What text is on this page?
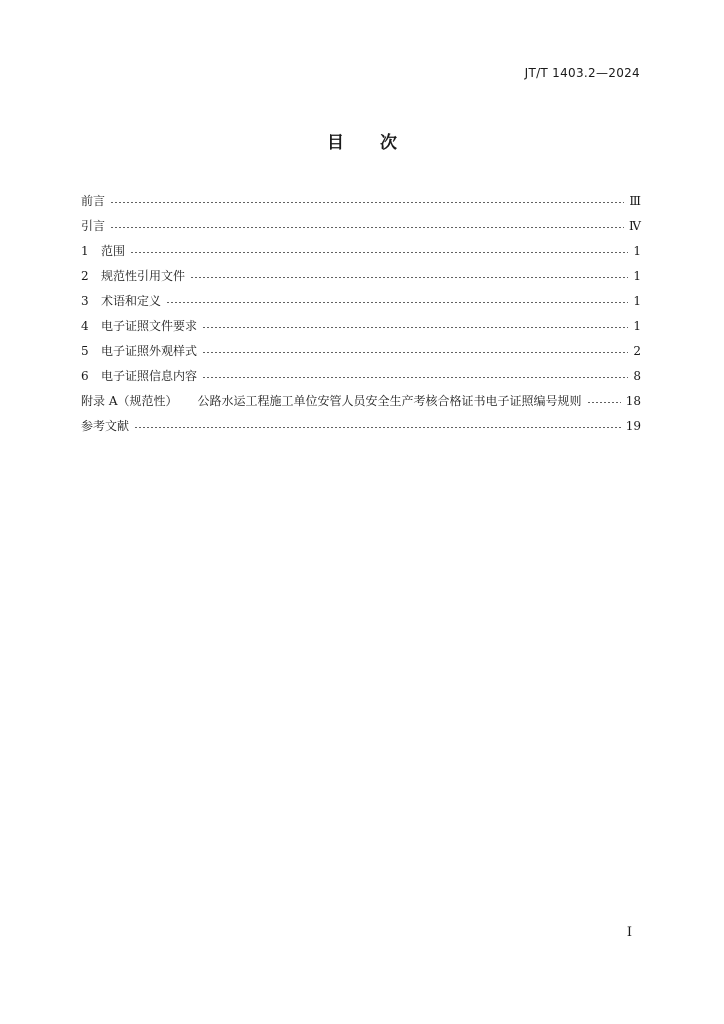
JT/T 1403.2—2024
目次
前言	Ⅲ
引言	Ⅳ
1	范围	1
2	规范性引用文件	1
3	术语和定义	1
4	电子证照文件要求	1
5	电子证照外观样式	2
6	电子证照信息内容	8
附录 A（规范性）	公路水运工程施工单位安管人员安全生产考核合格证书电子证照编号规则	18
参考文献	19
I
